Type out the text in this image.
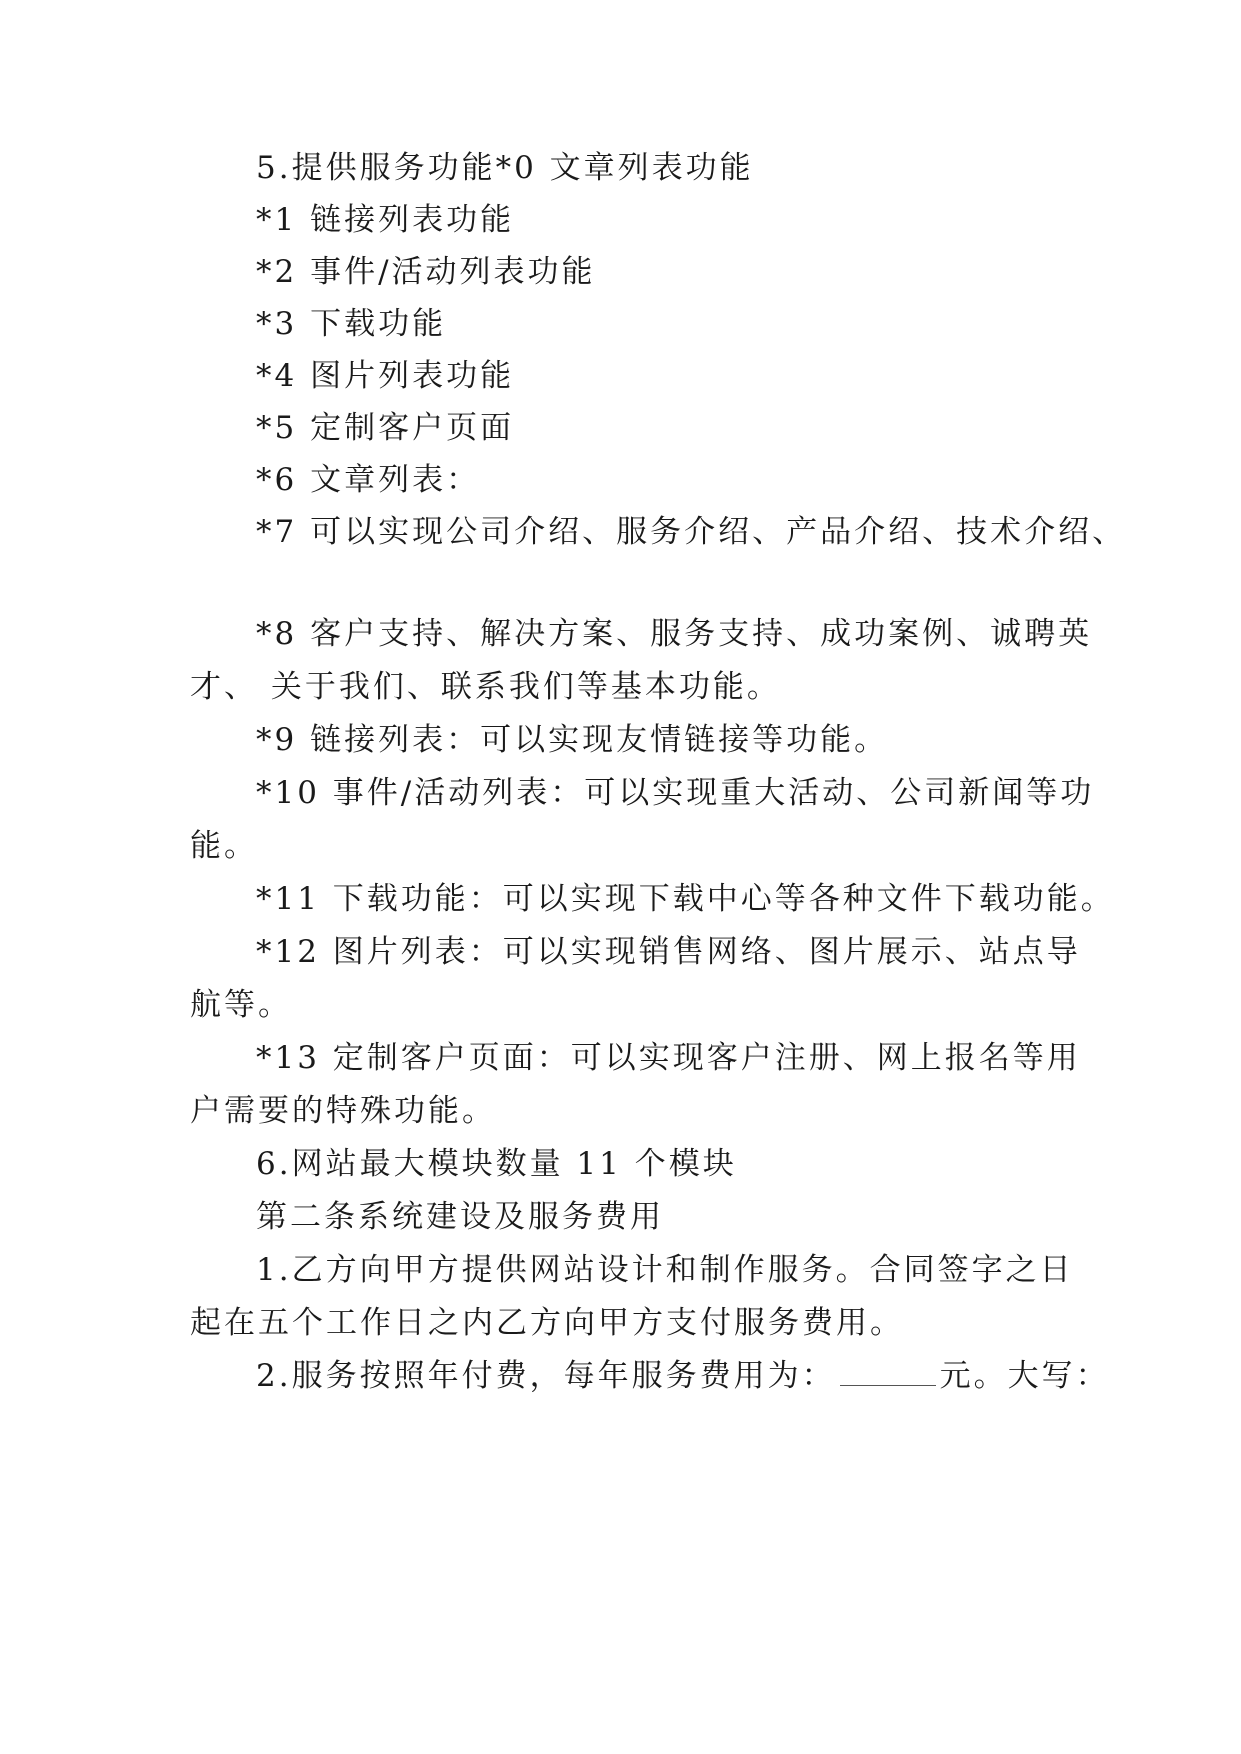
5.提供服务功能*0 文章列表功能
*1 链接列表功能
*2 事件/活动列表功能
*3 下载功能
*4 图片列表功能
*5 定制客户页面
*6 文章列表：
*7 可以实现公司介绍、服务介绍、产品介绍、技术介绍、
*8 客户支持、解决方案、服务支持、成功案例、诚聘英
才、 关于我们、联系我们等基本功能。
*9 链接列表：可以实现友情链接等功能。
*10 事件/活动列表：可以实现重大活动、公司新闻等功
能。
*11 下载功能：可以实现下载中心等各种文件下载功能。
*12 图片列表：可以实现销售网络、图片展示、站点导
航等。
*13 定制客户页面：可以实现客户注册、网上报名等用
户需要的特殊功能。
6.网站最大模块数量 11 个模块
第二条系统建设及服务费用
1.乙方向甲方提供网站设计和制作服务。合同签字之日
起在五个工作日之内乙方向甲方支付服务费用。
2.服务按照年付费，每年服务费用为：	元。大写：
